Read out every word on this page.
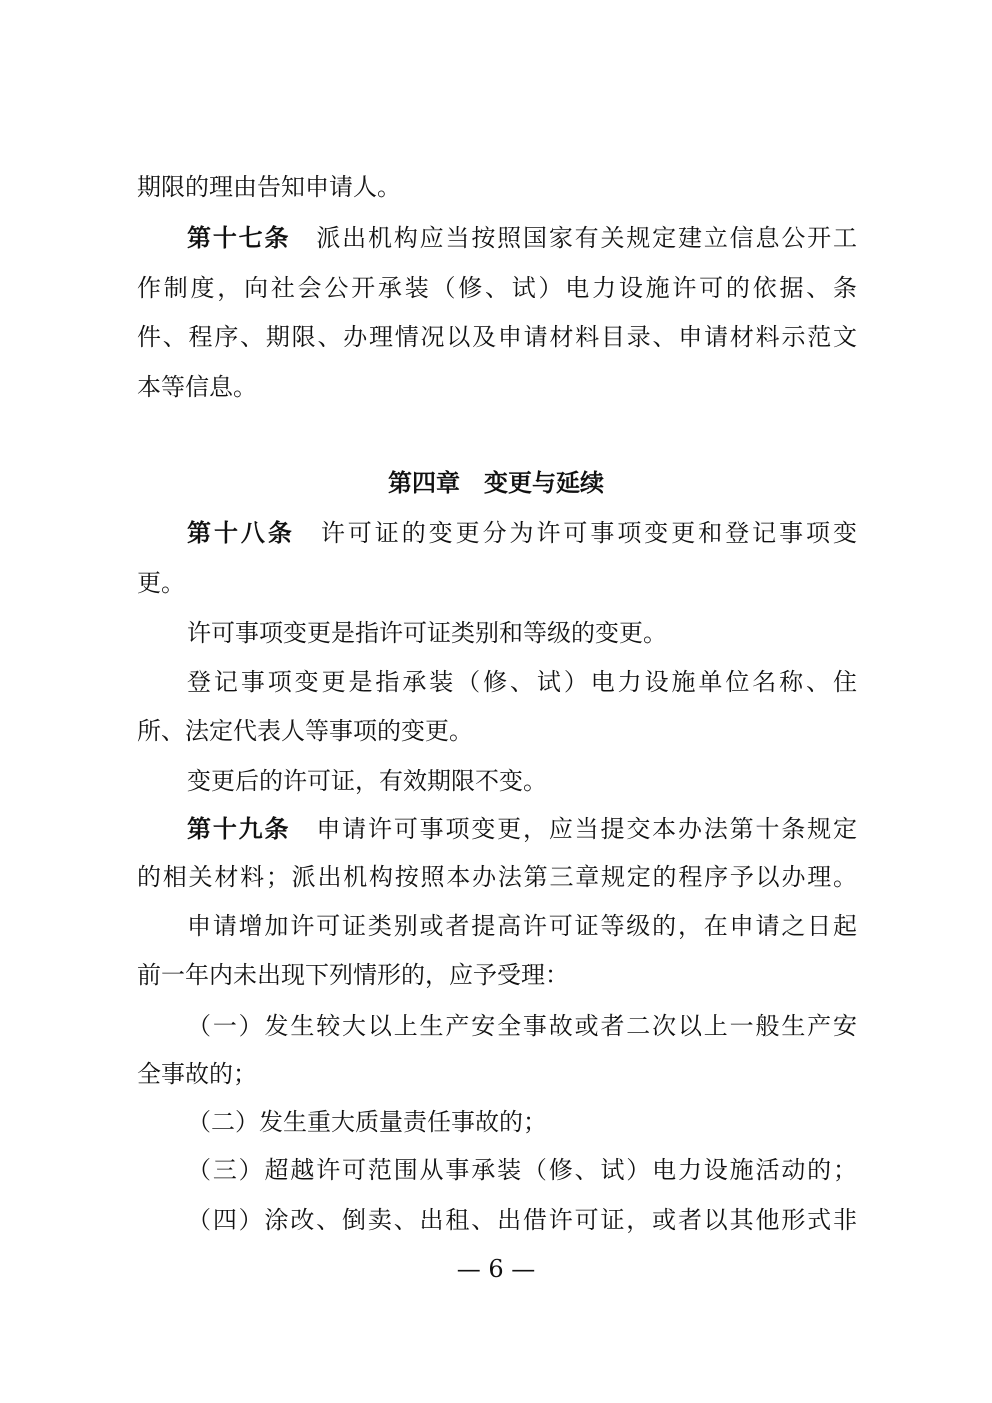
期限的理由告知申请人。
第十七条 派出机构应当按照国家有关规定建立信息公开工
作制度，向社会公开承装（修、试）电力设施许可的依据、条
件、程序、期限、办理情况以及申请材料目录、申请材料示范文
本等信息。
第四章 变更与延续
第十八条 许可证的变更分为许可事项变更和登记事项变
更。
许可事项变更是指许可证类别和等级的变更。
登记事项变更是指承装（修、试）电力设施单位名称、住
所、法定代表人等事项的变更。
变更后的许可证，有效期限不变。
第十九条 申请许可事项变更，应当提交本办法第十条规定
的相关材料；派出机构按照本办法第三章规定的程序予以办理。
申请增加许可证类别或者提高许可证等级的，在申请之日起
前一年内未出现下列情形的，应予受理：
（一）发生较大以上生产安全事故或者二次以上一般生产安
全事故的；
（二）发生重大质量责任事故的；
（三）超越许可范围从事承装（修、试）电力设施活动的；
（四）涂改、倒卖、出租、出借许可证，或者以其他形式非
— 6 —
